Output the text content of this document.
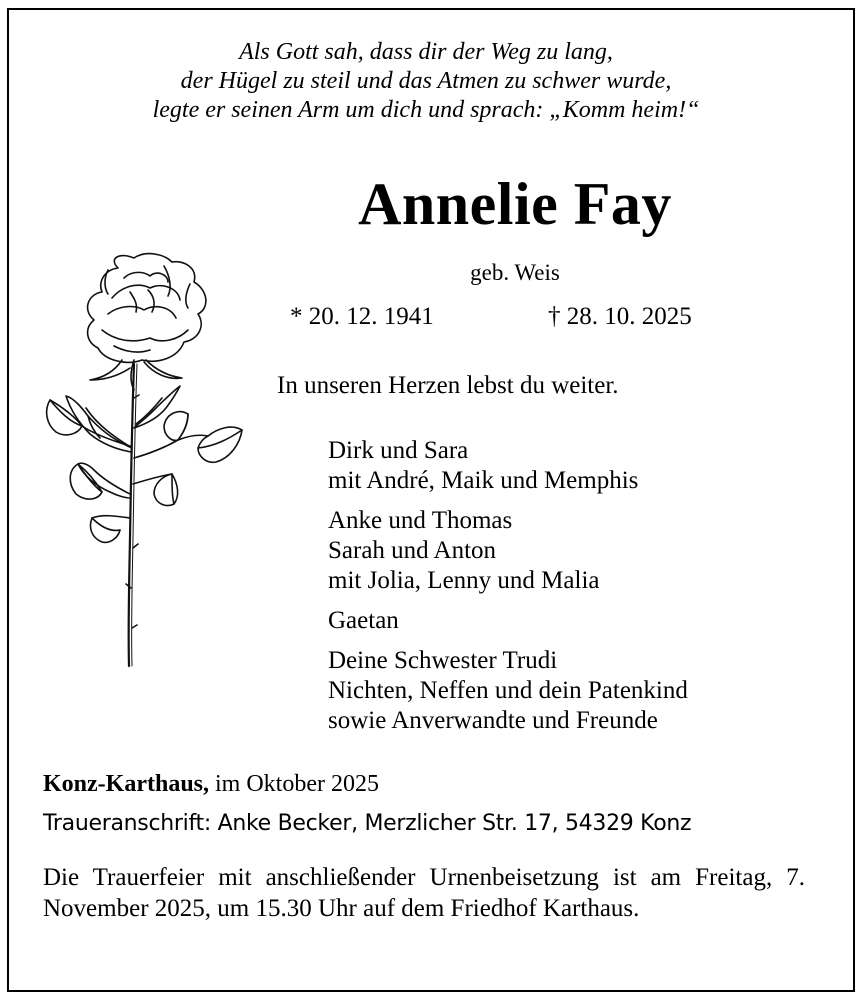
Als Gott sah, dass dir der Weg zu lang,
der Hügel zu steil und das Atmen zu schwer wurde,
legte er seinen Arm um dich und sprach: „Komm heim!“
Annelie Fay
geb. Weis
* 20. 12. 1941	† 28. 10. 2025
In unseren Herzen lebst du weiter.
Dirk und Sara
mit André, Maik und Memphis
Anke und Thomas
Sarah und Anton
mit Jolia, Lenny und Malia
Gaetan
Deine Schwester Trudi
Nichten, Neffen und dein Patenkind
sowie Anverwandte und Freunde
Konz-Karthaus, im Oktober 2025
Traueranschrift: Anke Becker, Merzlicher Str. 17, 54329 Konz
Die Trauerfeier mit anschließender Urnenbeisetzung ist am Freitag, 7. November 2025, um 15.30 Uhr auf dem Friedhof Karthaus.
